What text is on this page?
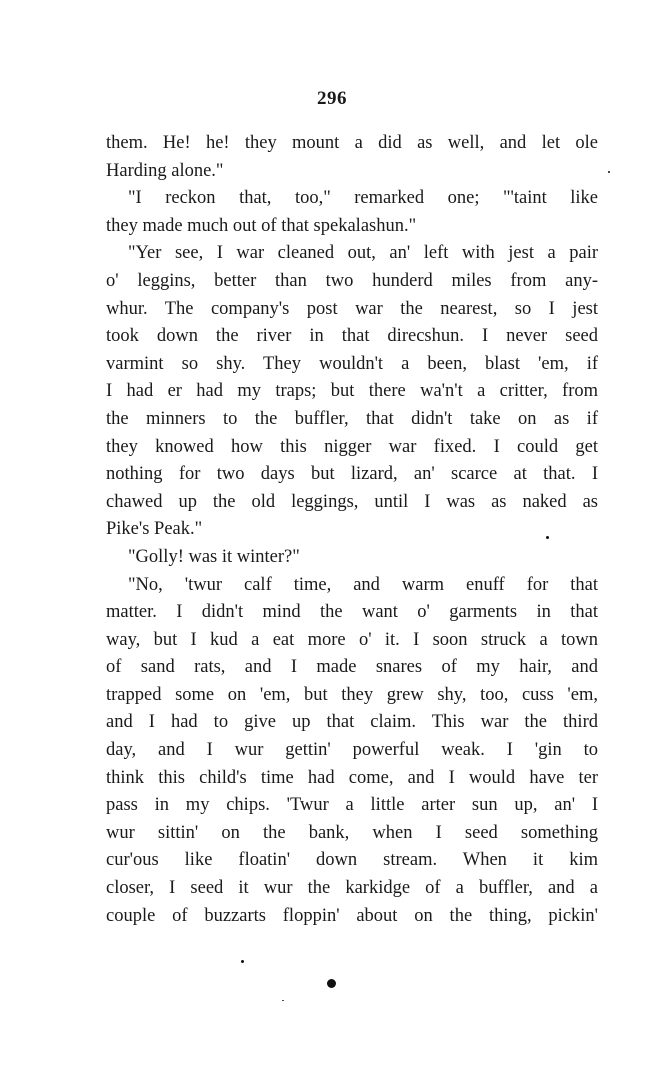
296
them. He! he! they mount a did as well, and let ole
Harding alone."
"I reckon that, too," remarked one; "'taint like
they made much out of that spekalashun."
"Yer see, I war cleaned out, an' left with jest a pair
o' leggins, better than two hunderd miles from any-
whur. The company's post war the nearest, so I jest
took down the river in that direcshun. I never seed
varmint so shy. They wouldn't a been, blast 'em, if
I had er had my traps; but there wa'n't a critter, from
the minners to the buffler, that didn't take on as if
they knowed how this nigger war fixed. I could get
nothing for two days but lizard, an' scarce at that. I
chawed up the old leggings, until I was as naked as
Pike's Peak."
"Golly! was it winter?"
"No, 'twur calf time, and warm enuff for that
matter. I didn't mind the want o' garments in that
way, but I kud a eat more o' it. I soon struck a town
of sand rats, and I made snares of my hair, and
trapped some on 'em, but they grew shy, too, cuss 'em,
and I had to give up that claim. This war the third
day, and I wur gettin' powerful weak. I 'gin to
think this child's time had come, and I would have ter
pass in my chips. 'Twur a little arter sun up, an' I
wur sittin' on the bank, when I seed something
cur'ous like floatin' down stream. When it kim
closer, I seed it wur the karkidge of a buffler, and a
couple of buzzarts floppin' about on the thing, pickin'
